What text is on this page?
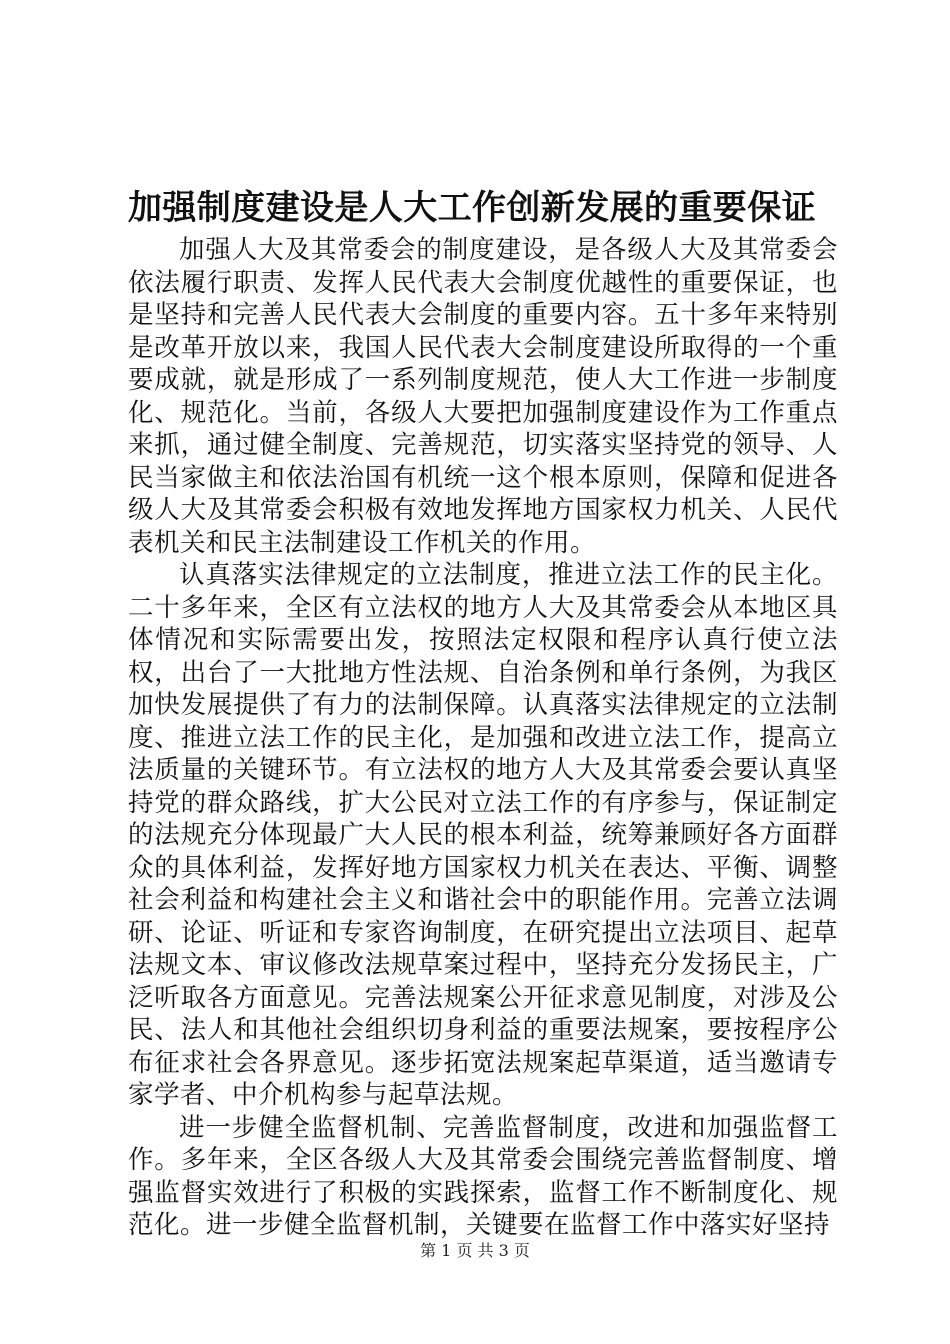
加强制度建设是人大工作创新发展的重要保证

加强人大及其常委会的制度建设，是各级人大及其常委会依法履行职责、发挥人民代表大会制度优越性的重要保证，也是坚持和完善人民代表大会制度的重要内容。五十多年来特别是改革开放以来，我国人民代表大会制度建设所取得的一个重要成就，就是形成了一系列制度规范，使人大工作进一步制度化、规范化。当前，各级人大要把加强制度建设作为工作重点来抓，通过健全制度、完善规范，切实落实坚持党的领导、人民当家做主和依法治国有机统一这个根本原则，保障和促进各级人大及其常委会积极有效地发挥地方国家权力机关、人民代表机关和民主法制建设工作机关的作用。

认真落实法律规定的立法制度，推进立法工作的民主化。二十多年来，全区有立法权的地方人大及其常委会从本地区具体情况和实际需要出发，按照法定权限和程序认真行使立法权，出台了一大批地方性法规、自治条例和单行条例，为我区加快发展提供了有力的法制保障。认真落实法律规定的立法制度、推进立法工作的民主化，是加强和改进立法工作，提高立法质量的关键环节。有立法权的地方人大及其常委会要认真坚持党的群众路线，扩大公民对立法工作的有序参与，保证制定的法规充分体现最广大人民的根本利益，统筹兼顾好各方面群众的具体利益，发挥好地方国家权力机关在表达、平衡、调整社会利益和构建社会主义和谐社会中的职能作用。完善立法调研、论证、听证和专家咨询制度，在研究提出立法项目、起草法规文本、审议修改法规草案过程中，坚持充分发扬民主，广泛听取各方面意见。完善法规案公开征求意见制度，对涉及公民、法人和其他社会组织切身利益的重要法规案，要按程序公布征求社会各界意见。逐步拓宽法规案起草渠道，适当邀请专家学者、中介机构参与起草法规。

进一步健全监督机制、完善监督制度，改进和加强监督工作。多年来，全区各级人大及其常委会围绕完善监督制度、增强监督实效进行了积极的实践探索，监督工作不断制度化、规范化。进一步健全监督机制，关键要在监督工作中落实好坚持

第 1 页 共 3 页
